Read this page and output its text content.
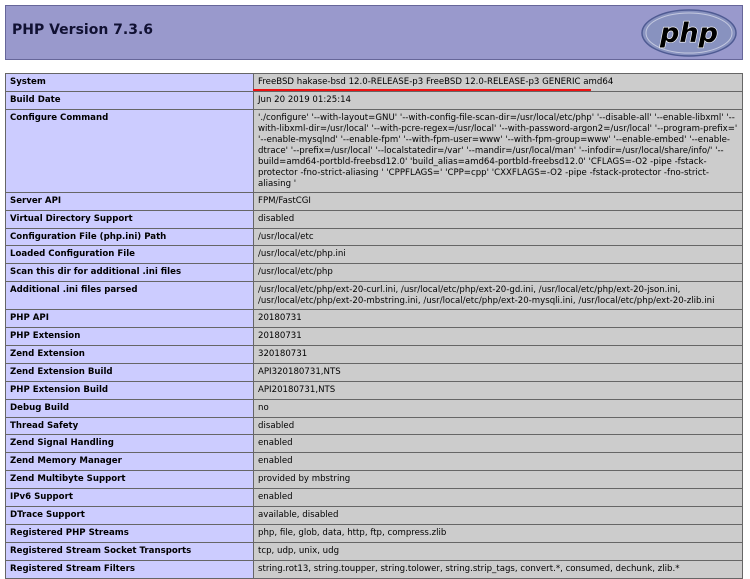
PHP Version 7.3.6	php
System	FreeBSD hakase-bsd 12.0-RELEASE-p3 FreeBSD 12.0-RELEASE-p3 GENERIC amd64
Build Date	Jun 20 2019 01:25:14
Configure Command	'./configure' '--with-layout=GNU' '--with-config-file-scan-dir=/usr/local/etc/php' '--disable-all' '--enable-libxml' '--with-libxml-dir=/usr/local' '--with-pcre-regex=/usr/local' '--with-password-argon2=/usr/local' '--program-prefix=' '--enable-mysqlnd' '--enable-fpm' '--with-fpm-user=www' '--with-fpm-group=www' '--enable-embed' '--enable-dtrace' '--prefix=/usr/local' '--localstatedir=/var' '--mandir=/usr/local/man' '--infodir=/usr/local/share/info/' '--build=amd64-portbld-freebsd12.0' 'build_alias=amd64-portbld-freebsd12.0' 'CFLAGS=-O2 -pipe -fstack-protector -fno-strict-aliasing ' 'CPPFLAGS=' 'CPP=cpp' 'CXXFLAGS=-O2 -pipe -fstack-protector -fno-strict-aliasing '
Server API	FPM/FastCGI
Virtual Directory Support	disabled
Configuration File (php.ini) Path	/usr/local/etc
Loaded Configuration File	/usr/local/etc/php.ini
Scan this dir for additional .ini files	/usr/local/etc/php
Additional .ini files parsed	/usr/local/etc/php/ext-20-curl.ini, /usr/local/etc/php/ext-20-gd.ini, /usr/local/etc/php/ext-20-json.ini, /usr/local/etc/php/ext-20-mbstring.ini, /usr/local/etc/php/ext-20-mysqli.ini, /usr/local/etc/php/ext-20-zlib.ini
PHP API	20180731
PHP Extension	20180731
Zend Extension	320180731
Zend Extension Build	API320180731,NTS
PHP Extension Build	API20180731,NTS
Debug Build	no
Thread Safety	disabled
Zend Signal Handling	enabled
Zend Memory Manager	enabled
Zend Multibyte Support	provided by mbstring
IPv6 Support	enabled
DTrace Support	available, disabled
Registered PHP Streams	php, file, glob, data, http, ftp, compress.zlib
Registered Stream Socket Transports	tcp, udp, unix, udg
Registered Stream Filters	string.rot13, string.toupper, string.tolower, string.strip_tags, convert.*, consumed, dechunk, zlib.*
